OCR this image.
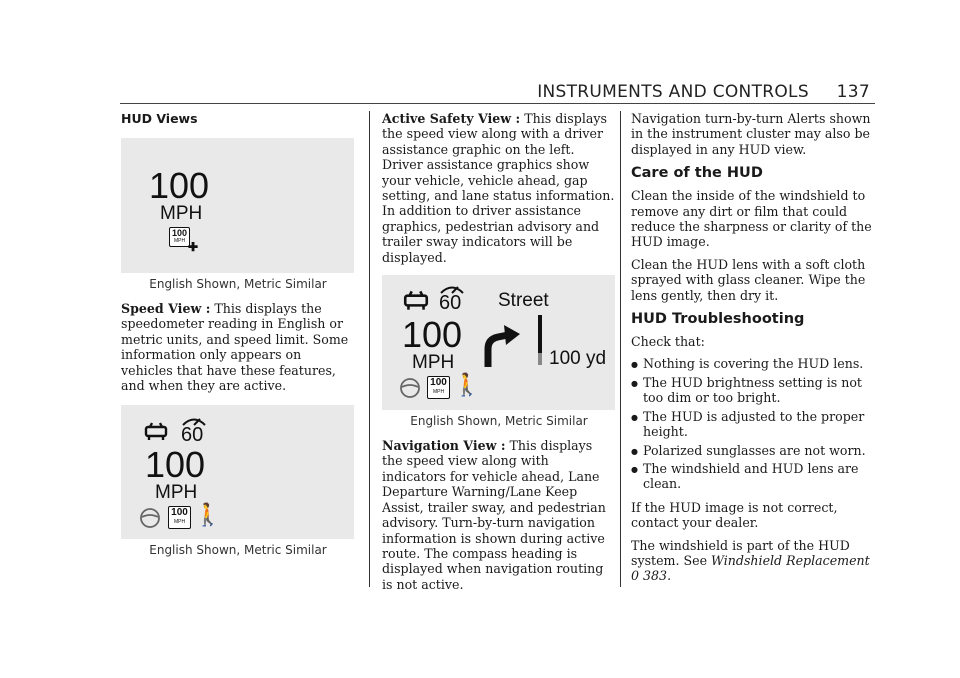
INSTRUMENTS AND CONTROLS 137
HUD Views
100
MPH
100
MPH ✚
English Shown, Metric Similar

Speed View : This displays the speedometer reading in English or metric units, and speed limit. Some information only appears on vehicles that have these features, and when they are active.

60
100
MPH
100
MPH 🚶
English Shown, Metric Similar

Active Safety View : This displays the speed view along with a driver assistance graphic on the left. Driver assistance graphics show your vehicle, vehicle ahead, gap setting, and lane status information. In addition to driver assistance graphics, pedestrian advisory and trailer sway indicators will be displayed.

60
100
MPH
100
MPH 🚶
Street
100 yd
English Shown, Metric Similar

Navigation View : This displays the speed view along with indicators for vehicle ahead, Lane Departure Warning/Lane Keep Assist, trailer sway, and pedestrian advisory. Turn-by-turn navigation information is shown during active route. The compass heading is displayed when navigation routing is not active.

Navigation turn-by-turn Alerts shown in the instrument cluster may also be displayed in any HUD view.

Care of the HUD

Clean the inside of the windshield to remove any dirt or film that could reduce the sharpness or clarity of the HUD image.

Clean the HUD lens with a soft cloth sprayed with glass cleaner. Wipe the lens gently, then dry it.

HUD Troubleshooting

Check that:

● Nothing is covering the HUD lens.
● The HUD brightness setting is not too dim or too bright.
● The HUD is adjusted to the proper height.
● Polarized sunglasses are not worn.
● The windshield and HUD lens are clean.

If the HUD image is not correct, contact your dealer.

The windshield is part of the HUD system. See Windshield Replacement
0 383.
